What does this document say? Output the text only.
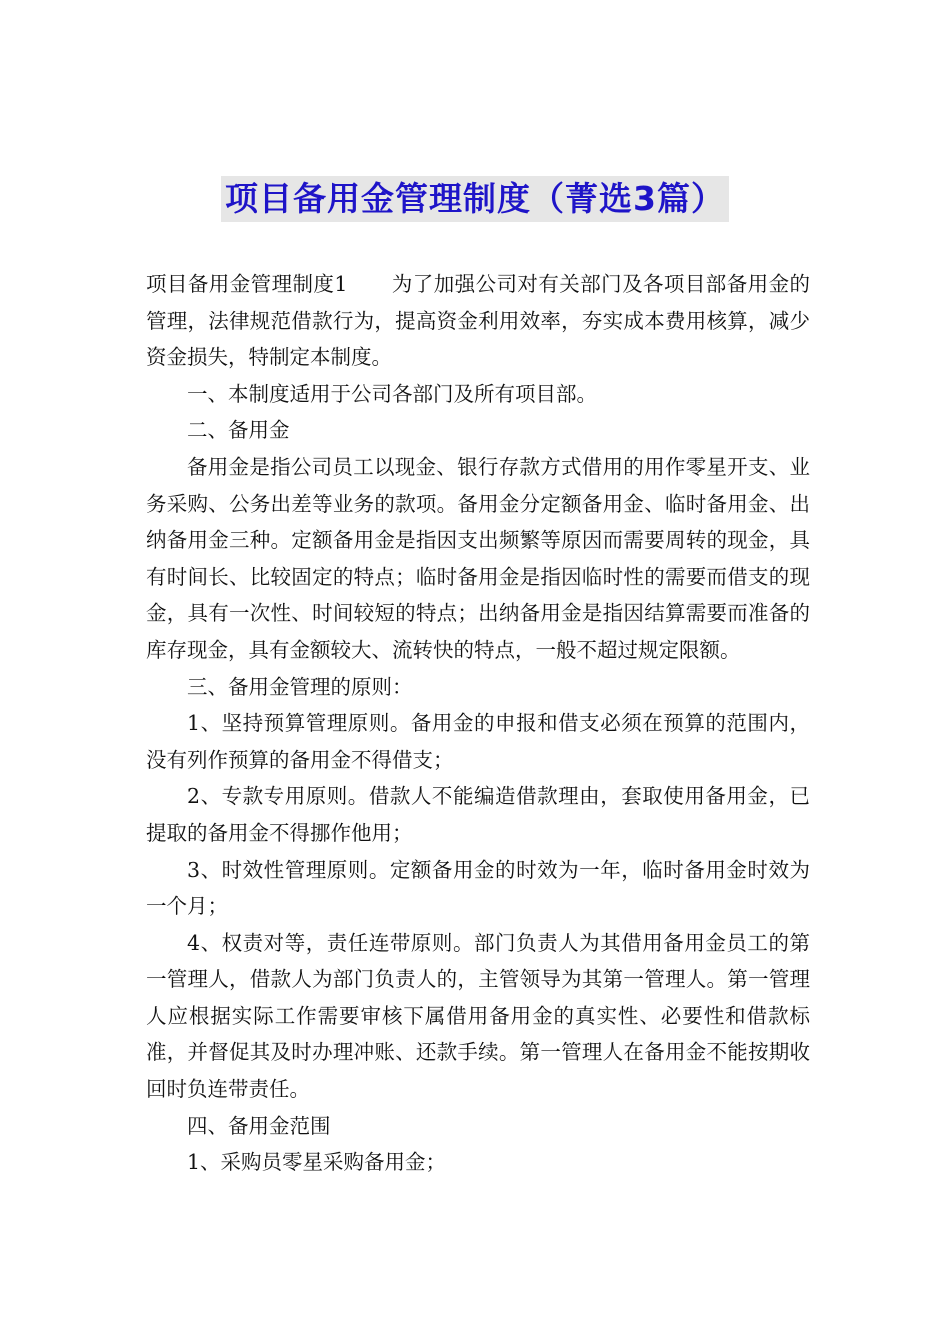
项目备用金管理制度（菁选3篇）

项目备用金管理制度1 为了加强公司对有关部门及各项目部备用金的管理，法律规范借款行为，提高资金利用效率，夯实成本费用核算，减少资金损失，特制定本制度。

一、本制度适用于公司各部门及所有项目部。

二、备用金

备用金是指公司员工以现金、银行存款方式借用的用作零星开支、业务采购、公务出差等业务的款项。备用金分定额备用金、临时备用金、出纳备用金三种。定额备用金是指因支出频繁等原因而需要周转的现金，具有时间长、比较固定的特点；临时备用金是指因临时性的需要而借支的现金，具有一次性、时间较短的特点；出纳备用金是指因结算需要而准备的库存现金，具有金额较大、流转快的特点，一般不超过规定限额。

三、备用金管理的原则：

1、坚持预算管理原则。备用金的申报和借支必须在预算的范围内，没有列作预算的备用金不得借支；

2、专款专用原则。借款人不能编造借款理由，套取使用备用金，已提取的备用金不得挪作他用；

3、时效性管理原则。定额备用金的时效为一年，临时备用金时效为一个月；

4、权责对等，责任连带原则。部门负责人为其借用备用金员工的第一管理人，借款人为部门负责人的，主管领导为其第一管理人。第一管理人应根据实际工作需要审核下属借用备用金的真实性、必要性和借款标准，并督促其及时办理冲账、还款手续。第一管理人在备用金不能按期收回时负连带责任。

四、备用金范围

1、采购员零星采购备用金；
